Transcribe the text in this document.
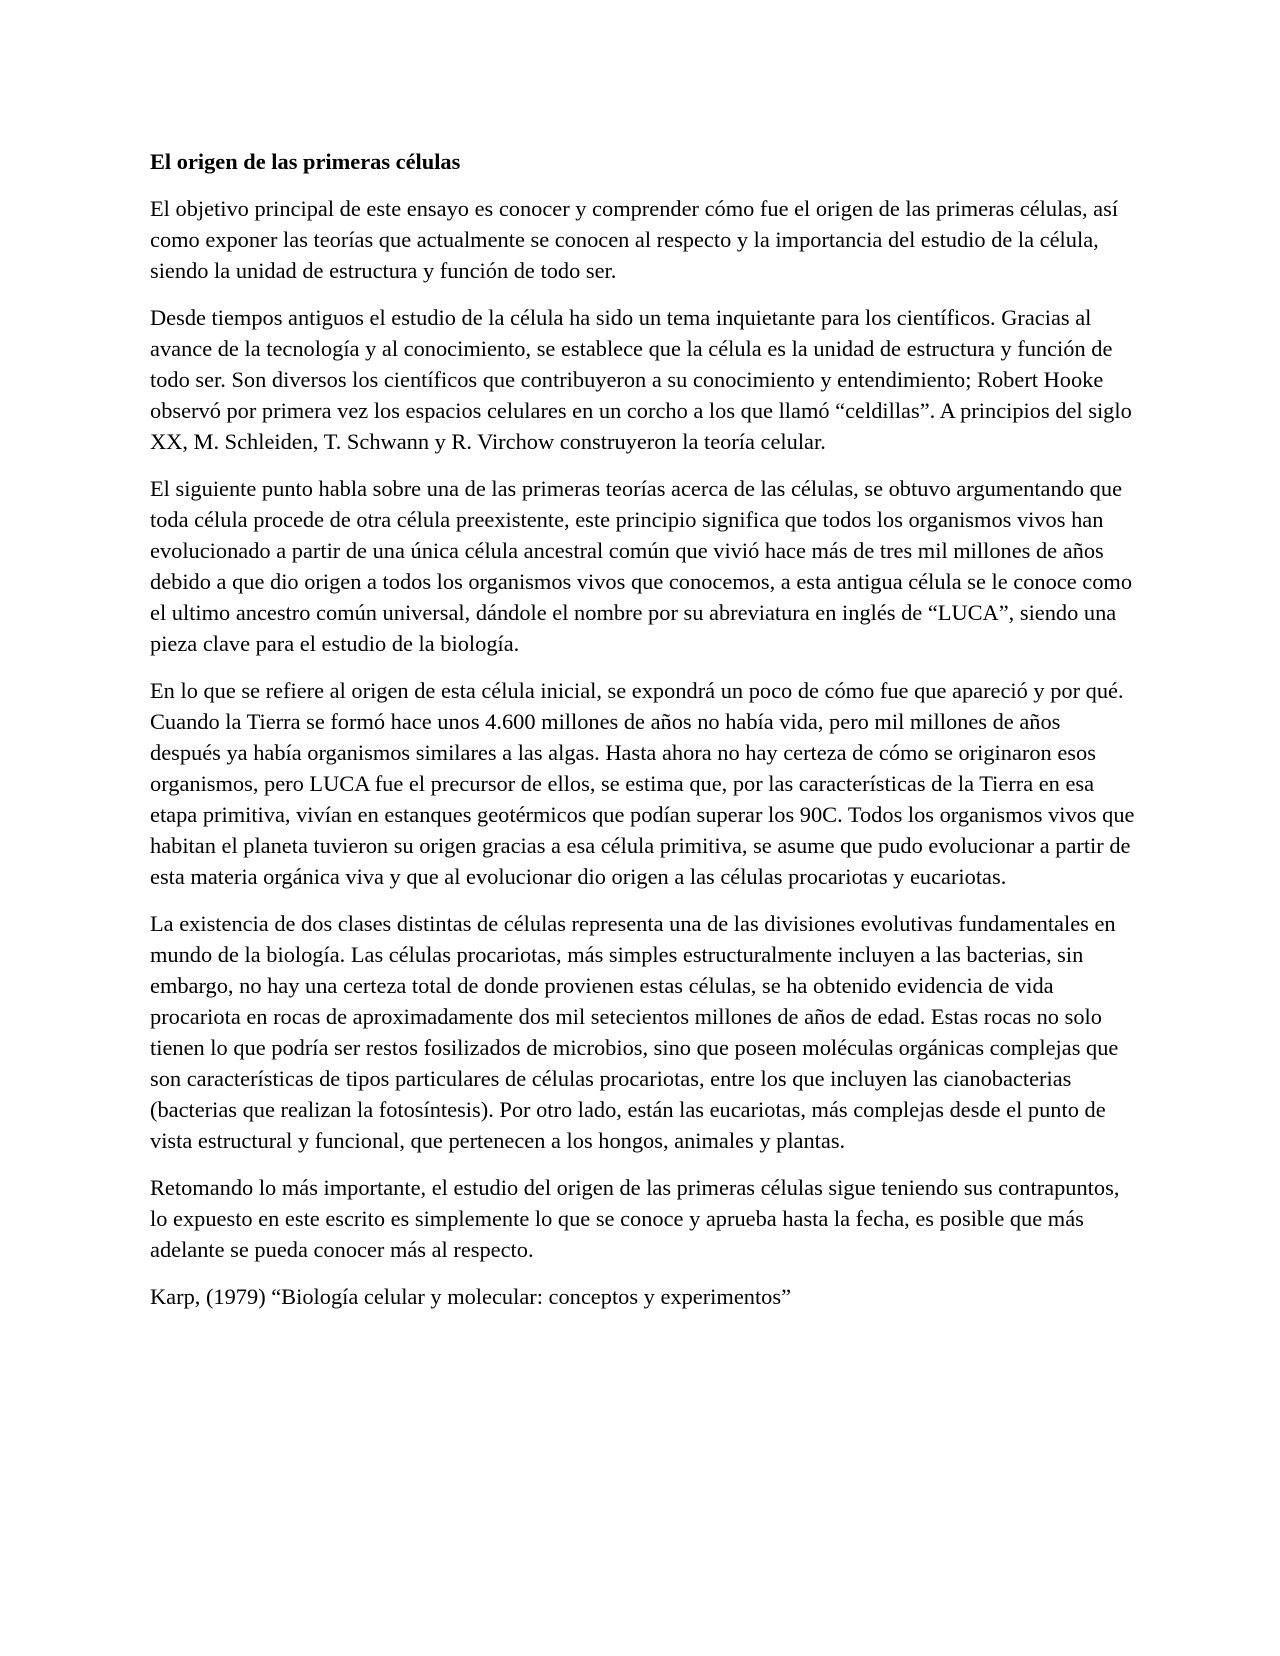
El origen de las primeras células

El objetivo principal de este ensayo es conocer y comprender cómo fue el origen de las primeras células, así como exponer las teorías que actualmente se conocen al respecto y la importancia del estudio de la célula, siendo la unidad de estructura y función de todo ser.

Desde tiempos antiguos el estudio de la célula ha sido un tema inquietante para los científicos. Gracias al avance de la tecnología y al conocimiento, se establece que la célula es la unidad de estructura y función de todo ser. Son diversos los científicos que contribuyeron a su conocimiento y entendimiento; Robert Hooke observó por primera vez los espacios celulares en un corcho a los que llamó “celdillas”. A principios del siglo XX, M. Schleiden, T. Schwann y R. Virchow construyeron la teoría celular.

El siguiente punto habla sobre una de las primeras teorías acerca de las células, se obtuvo argumentando que toda célula procede de otra célula preexistente, este principio significa que todos los organismos vivos han evolucionado a partir de una única célula ancestral común que vivió hace más de tres mil millones de años debido a que dio origen a todos los organismos vivos que conocemos, a esta antigua célula se le conoce como el ultimo ancestro común universal, dándole el nombre por su abreviatura en inglés de “LUCA”, siendo una pieza clave para el estudio de la biología.

En lo que se refiere al origen de esta célula inicial, se expondrá un poco de cómo fue que apareció y por qué. Cuando la Tierra se formó hace unos 4.600 millones de años no había vida, pero mil millones de años después ya había organismos similares a las algas. Hasta ahora no hay certeza de cómo se originaron esos organismos, pero LUCA fue el precursor de ellos, se estima que, por las características de la Tierra en esa etapa primitiva, vivían en estanques geotérmicos que podían superar los 90C. Todos los organismos vivos que habitan el planeta tuvieron su origen gracias a esa célula primitiva, se asume que pudo evolucionar a partir de esta materia orgánica viva y que al evolucionar dio origen a las células procariotas y eucariotas.

La existencia de dos clases distintas de células representa una de las divisiones evolutivas fundamentales en mundo de la biología. Las células procariotas, más simples estructuralmente incluyen a las bacterias, sin embargo, no hay una certeza total de donde provienen estas células, se ha obtenido evidencia de vida procariota en rocas de aproximadamente dos mil setecientos millones de años de edad. Estas rocas no solo tienen lo que podría ser restos fosilizados de microbios, sino que poseen moléculas orgánicas complejas que son características de tipos particulares de células procariotas, entre los que incluyen las cianobacterias (bacterias que realizan la fotosíntesis). Por otro lado, están las eucariotas, más complejas desde el punto de vista estructural y funcional, que pertenecen a los hongos, animales y plantas.

Retomando lo más importante, el estudio del origen de las primeras células sigue teniendo sus contrapuntos, lo expuesto en este escrito es simplemente lo que se conoce y aprueba hasta la fecha, es posible que más adelante se pueda conocer más al respecto.

Karp, (1979) “Biología celular y molecular: conceptos y experimentos”
